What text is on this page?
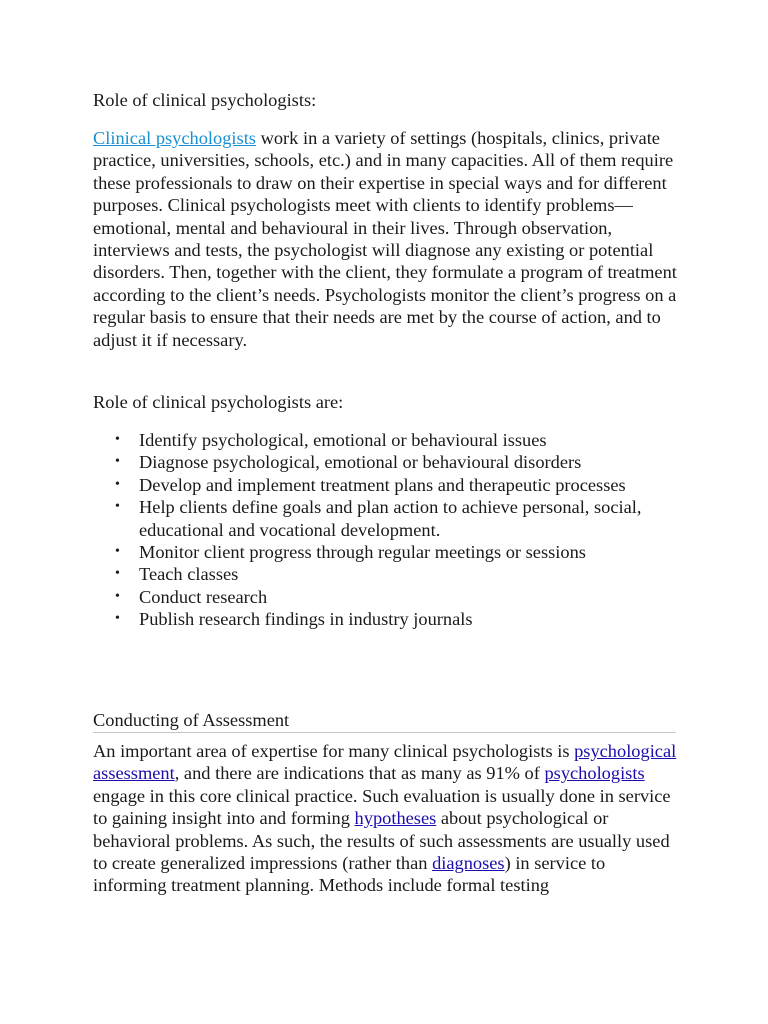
Role of clinical psychologists:

Clinical psychologists work in a variety of settings (hospitals, clinics, private practice, universities, schools, etc.) and in many capacities. All of them require these professionals to draw on their expertise in special ways and for different purposes. Clinical psychologists meet with clients to identify problems—emotional, mental and behavioural in their lives. Through observation, interviews and tests, the psychologist will diagnose any existing or potential disorders. Then, together with the client, they formulate a program of treatment according to the client’s needs. Psychologists monitor the client’s progress on a regular basis to ensure that their needs are met by the course of action, and to adjust it if necessary.

Role of clinical psychologists are:
• Identify psychological, emotional or behavioural issues
• Diagnose psychological, emotional or behavioural disorders
• Develop and implement treatment plans and therapeutic processes
• Help clients define goals and plan action to achieve personal, social, educational and vocational development.
• Monitor client progress through regular meetings or sessions
• Teach classes
• Conduct research
• Publish research findings in industry journals
Conducting of Assessment

An important area of expertise for many clinical psychologists is psychological assessment, and there are indications that as many as 91% of psychologists engage in this core clinical practice. Such evaluation is usually done in service to gaining insight into and forming hypotheses about psychological or behavioral problems. As such, the results of such assessments are usually used to create generalized impressions (rather than diagnoses) in service to informing treatment planning. Methods include formal testing
